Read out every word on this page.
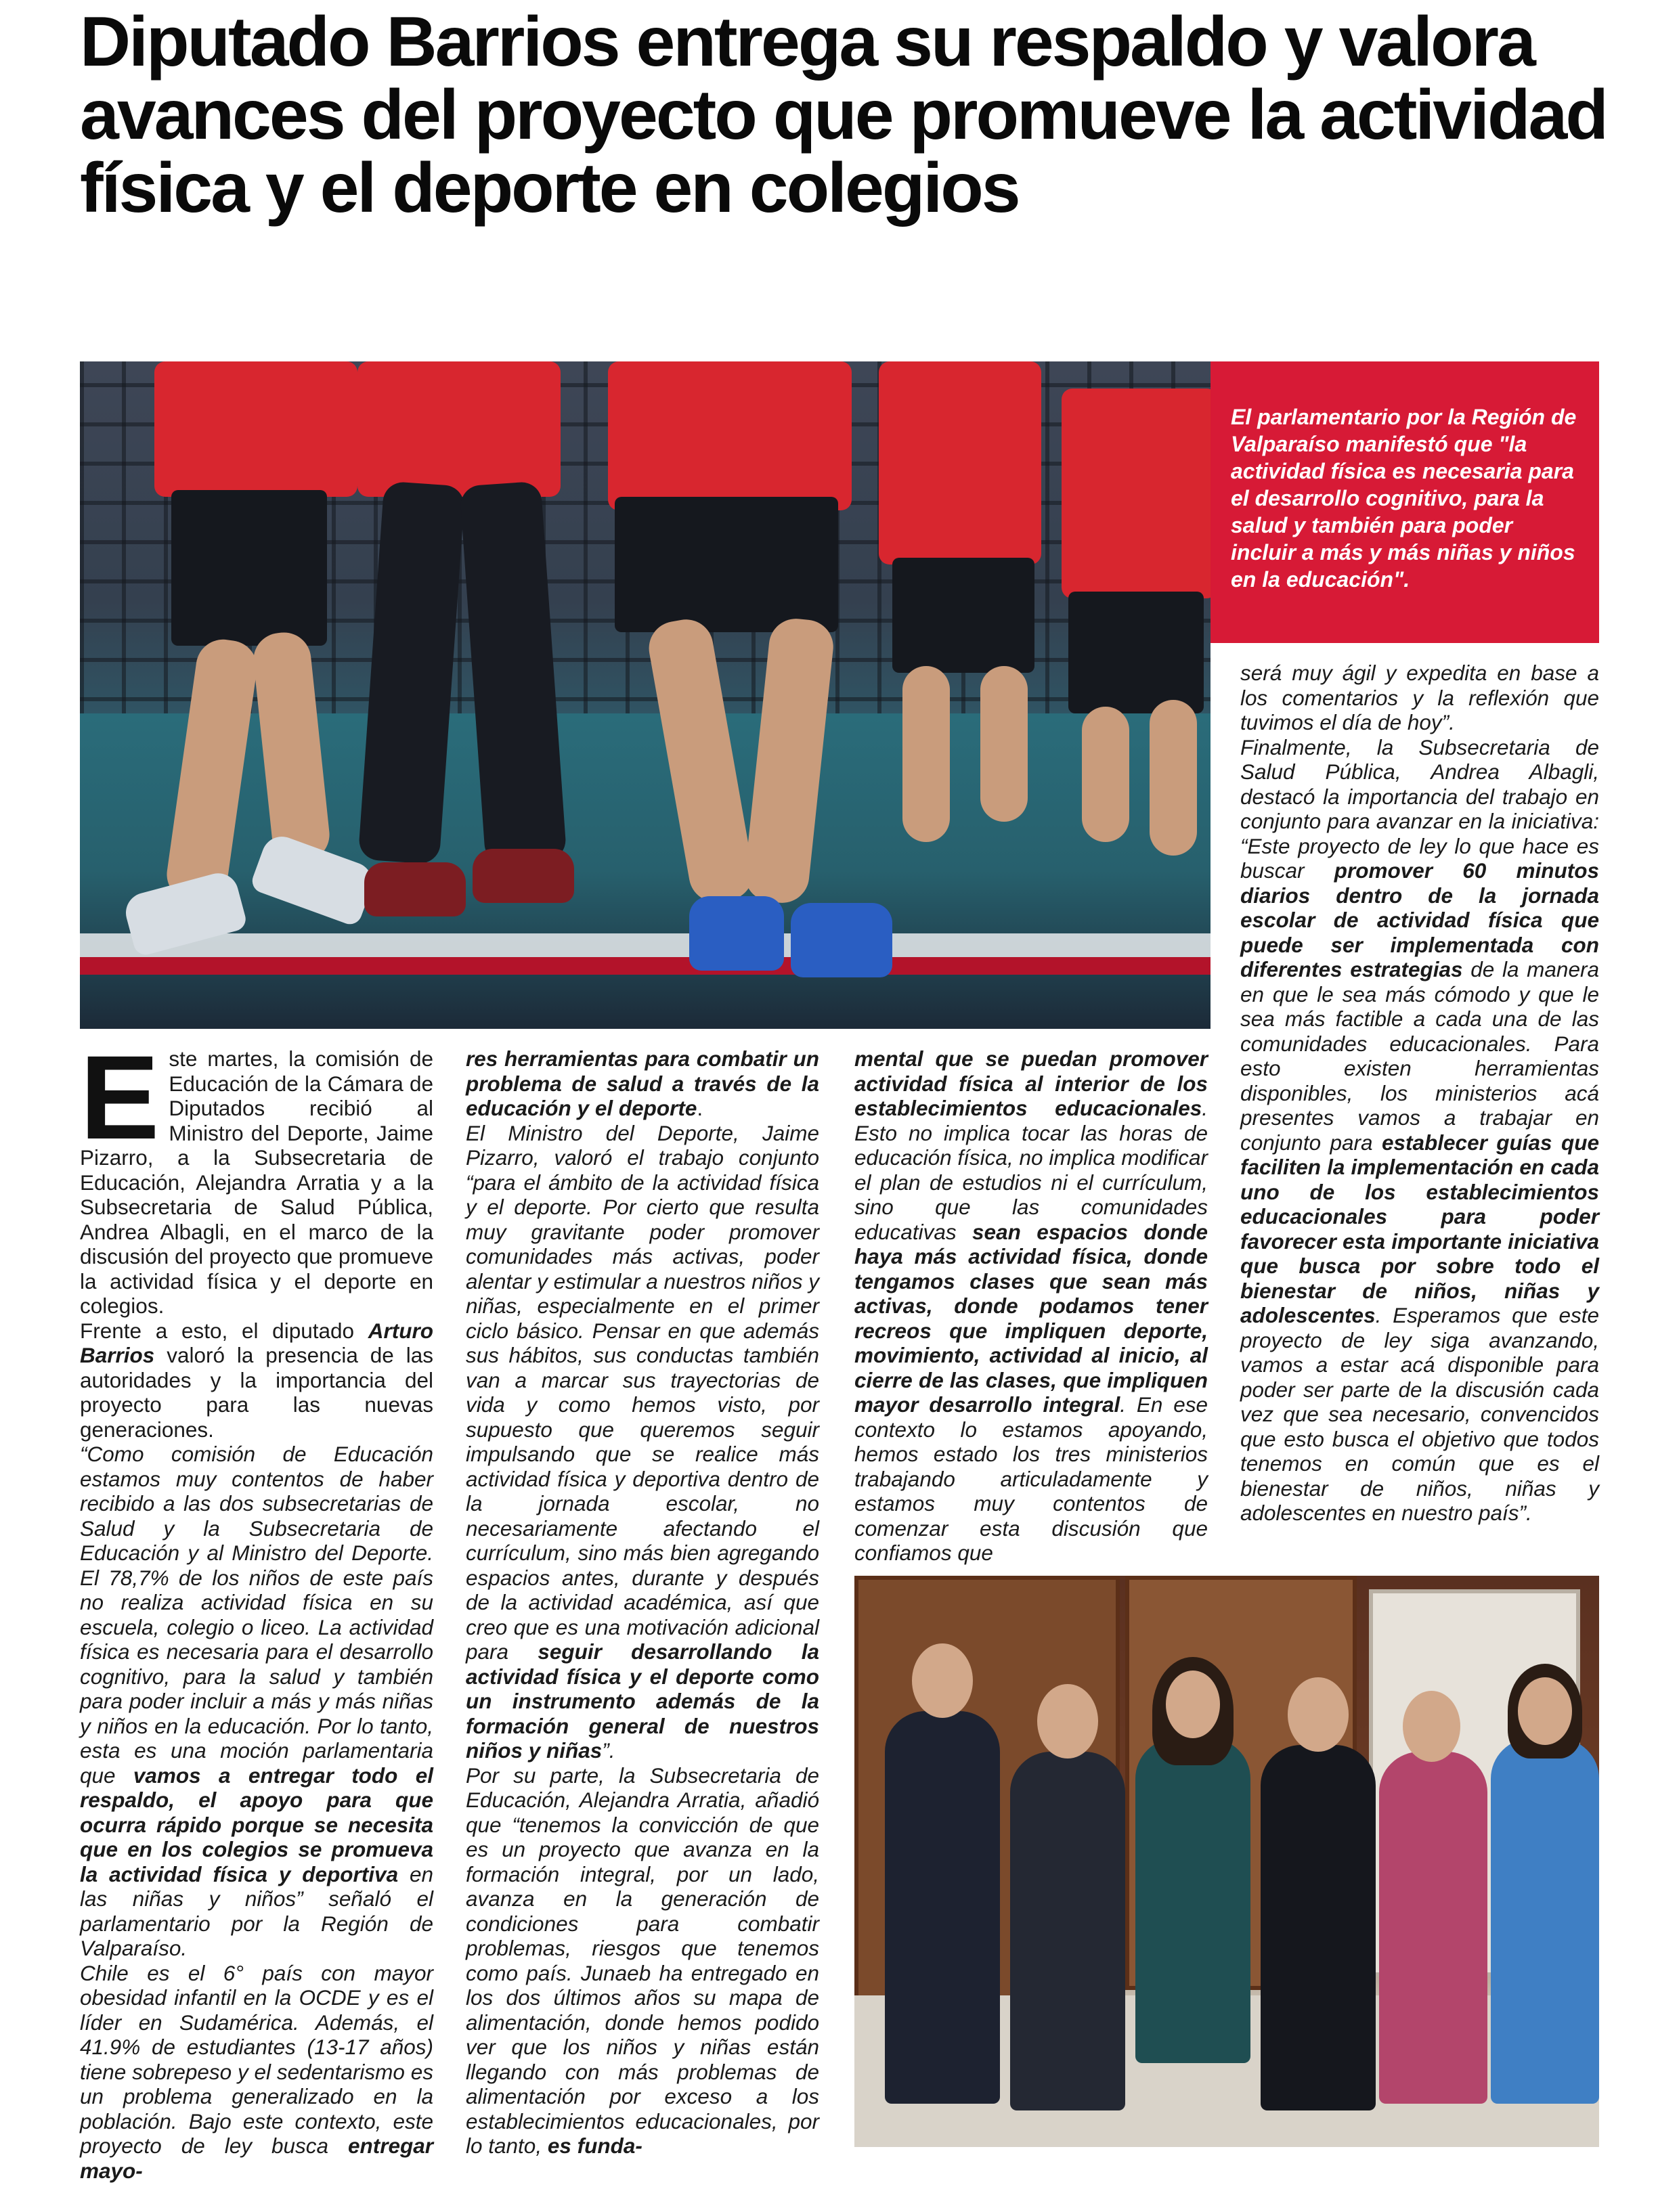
Diputado Barrios entrega su respaldo y valora avances del proyecto que promueve la actividad física y el deporte en colegios
El parlamentario por la Región de Valparaíso manifestó que "la actividad física es necesaria para el desarrollo cognitivo, para la salud y también para poder incluir a más y más niñas y niños en la educación".
E ste martes, la comisión de Educación de la Cámara de Diputados recibió al Ministro del Deporte, Jaime Pizarro, a la Subsecretaria de Educación, Alejandra Arratia y a la Subsecretaria de Salud Pública, Andrea Albagli, en el marco de la discusión del proyecto que promueve la actividad física y el deporte en colegios.

Frente a esto, el diputado Arturo Barrios valoró la presencia de las autoridades y la importancia del proyecto para las nuevas generaciones.

“Como comisión de Educación estamos muy contentos de haber recibido a las dos subsecretarias de Salud y la Subsecretaria de Educación y al Ministro del Deporte. El 78,7% de los niños de este país no realiza actividad física en su escuela, colegio o liceo. La actividad física es necesaria para el desarrollo cognitivo, para la salud y también para poder incluir a más y más niñas y niños en la educación. Por lo tanto, esta es una moción parlamentaria que vamos a entregar todo el respaldo, el apoyo para que ocurra rápido porque se necesita que en los colegios se promueva la actividad física y deportiva en las niñas y niños” señaló el parlamentario por la Región de Valparaíso.

Chile es el 6° país con mayor obesidad infantil en la OCDE y es el líder en Sudamérica. Además, el 41.9% de estudiantes (13-17 años) tiene sobrepeso y el sedentarismo es un problema generalizado en la población. Bajo este contexto, este proyecto de ley busca entregar mayo-

res herramientas para combatir un problema de salud a través de la educación y el deporte.

El Ministro del Deporte, Jaime Pizarro, valoró el trabajo conjunto “para el ámbito de la actividad física y el deporte. Por cierto que resulta muy gravitante poder promover comunidades más activas, poder alentar y estimular a nuestros niños y niñas, especialmente en el primer ciclo básico. Pensar en que además sus hábitos, sus conductas también van a marcar sus trayectorias de vida y como hemos visto, por supuesto que queremos seguir impulsando que se realice más actividad física y deportiva dentro de la jornada escolar, no necesariamente afectando el currículum, sino más bien agregando espacios antes, durante y después de la actividad académica, así que creo que es una motivación adicional para seguir desarrollando la actividad física y el deporte como un instrumento además de la formación general de nuestros niños y niñas”.

Por su parte, la Subsecretaria de Educación, Alejandra Arratia, añadió que “tenemos la convicción de que es un proyecto que avanza en la formación integral, por un lado, avanza en la generación de condiciones para combatir problemas, riesgos que tenemos como país. Junaeb ha entregado en los dos últimos años su mapa de alimentación, donde hemos podido ver que los niños y niñas están llegando con más problemas de alimentación por exceso a los establecimientos educacionales, por lo tanto, es funda-

mental que se puedan promover actividad física al interior de los establecimientos educacionales. Esto no implica tocar las horas de educación física, no implica modificar el plan de estudios ni el currículum, sino que las comunidades educativas sean espacios donde haya más actividad física, donde tengamos clases que sean más activas, donde podamos tener recreos que impliquen deporte, movimiento, actividad al inicio, al cierre de las clases, que impliquen mayor desarrollo integral. En ese contexto lo estamos apoyando, hemos estado los tres ministerios trabajando articuladamente y estamos muy contentos de comenzar esta discusión que confiamos que

será muy ágil y expedita en base a los comentarios y la reflexión que tuvimos el día de hoy”.

Finalmente, la Subsecretaria de Salud Pública, Andrea Albagli, destacó la importancia del trabajo en conjunto para avanzar en la iniciativa: “Este proyecto de ley lo que hace es buscar promover 60 minutos diarios dentro de la jornada escolar de actividad física que puede ser implementada con diferentes estrategias de la manera en que le sea más cómodo y que le sea más factible a cada una de las comunidades educacionales. Para esto existen herramientas disponibles, los ministerios acá presentes vamos a trabajar en conjunto para establecer guías que faciliten la implementación en cada uno de los establecimientos educacionales para poder favorecer esta importante iniciativa que busca por sobre todo el bienestar de niños, niñas y adolescentes. Esperamos que este proyecto de ley siga avanzando, vamos a estar acá disponible para poder ser parte de la discusión cada vez que sea necesario, convencidos que esto busca el objetivo que todos tenemos en común que es el bienestar de niños, niñas y adolescentes en nuestro país”.
